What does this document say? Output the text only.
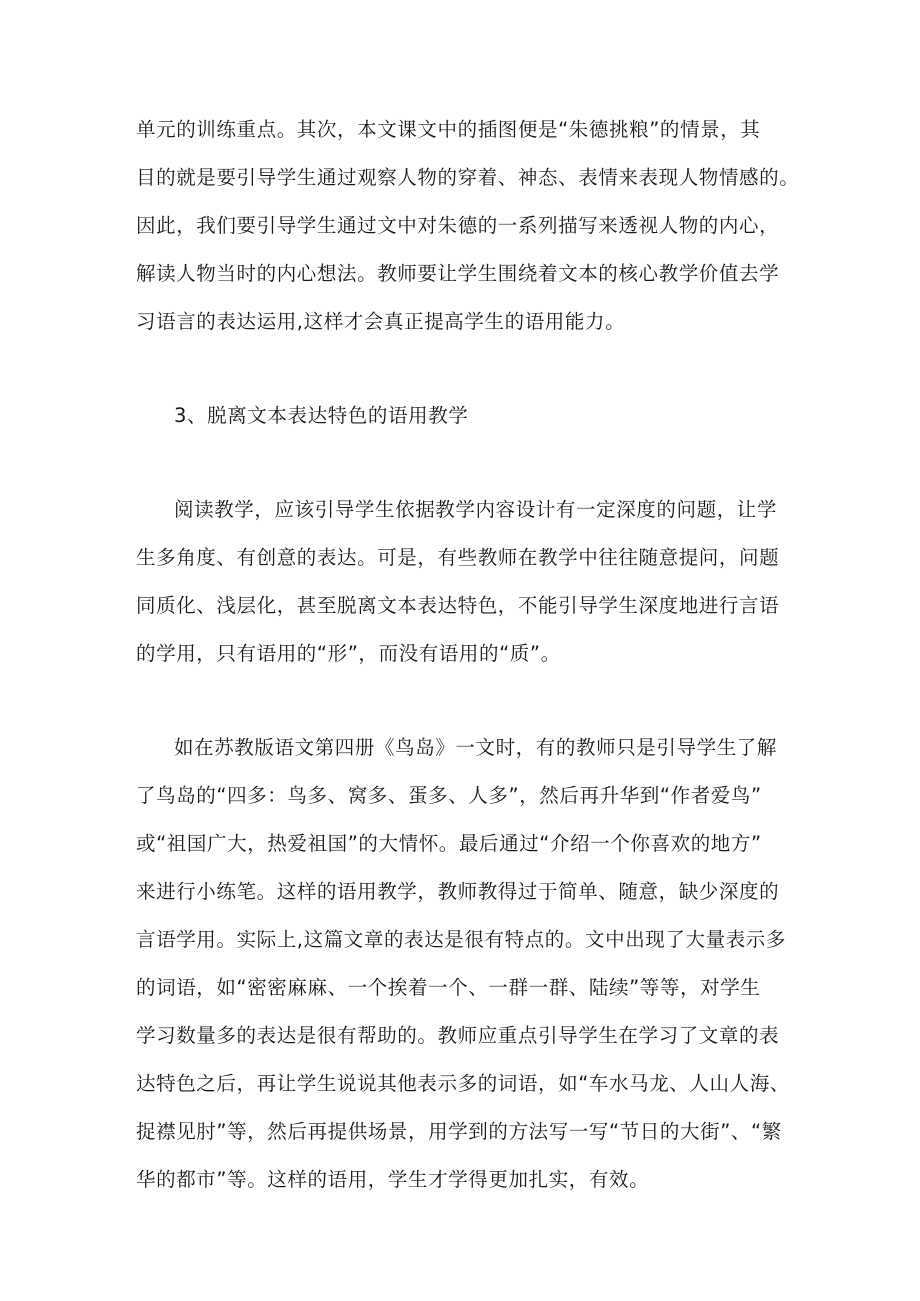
单元的训练重点。其次，本文课文中的插图便是“朱德挑粮”的情景，其
目的就是要引导学生通过观察人物的穿着、神态、表情来表现人物情感的。
因此，我们要引导学生通过文中对朱德的一系列描写来透视人物的内心，
解读人物当时的内心想法。教师要让学生围绕着文本的核心教学价值去学
习语言的表达运用,这样才会真正提高学生的语用能力。
3、脱离文本表达特色的语用教学
阅读教学，应该引导学生依据教学内容设计有一定深度的问题，让学
生多角度、有创意的表达。可是，有些教师在教学中往往随意提问，问题
同质化、浅层化，甚至脱离文本表达特色，不能引导学生深度地进行言语
的学用，只有语用的“形”，而没有语用的“质”。
如在苏教版语文第四册《鸟岛》一文时，有的教师只是引导学生了解
了鸟岛的“四多：鸟多、窝多、蛋多、人多”，然后再升华到“作者爱鸟”
或“祖国广大，热爱祖国”的大情怀。最后通过“介绍一个你喜欢的地方”
来进行小练笔。这样的语用教学，教师教得过于简单、随意，缺少深度的
言语学用。实际上,这篇文章的表达是很有特点的。文中出现了大量表示多
的词语，如“密密麻麻、一个挨着一个、一群一群、陆续”等等，对学生
学习数量多的表达是很有帮助的。教师应重点引导学生在学习了文章的表
达特色之后，再让学生说说其他表示多的词语，如“车水马龙、人山人海、
捉襟见肘”等，然后再提供场景，用学到的方法写一写“节日的大街”、“繁
华的都市”等。这样的语用，学生才学得更加扎实，有效。
